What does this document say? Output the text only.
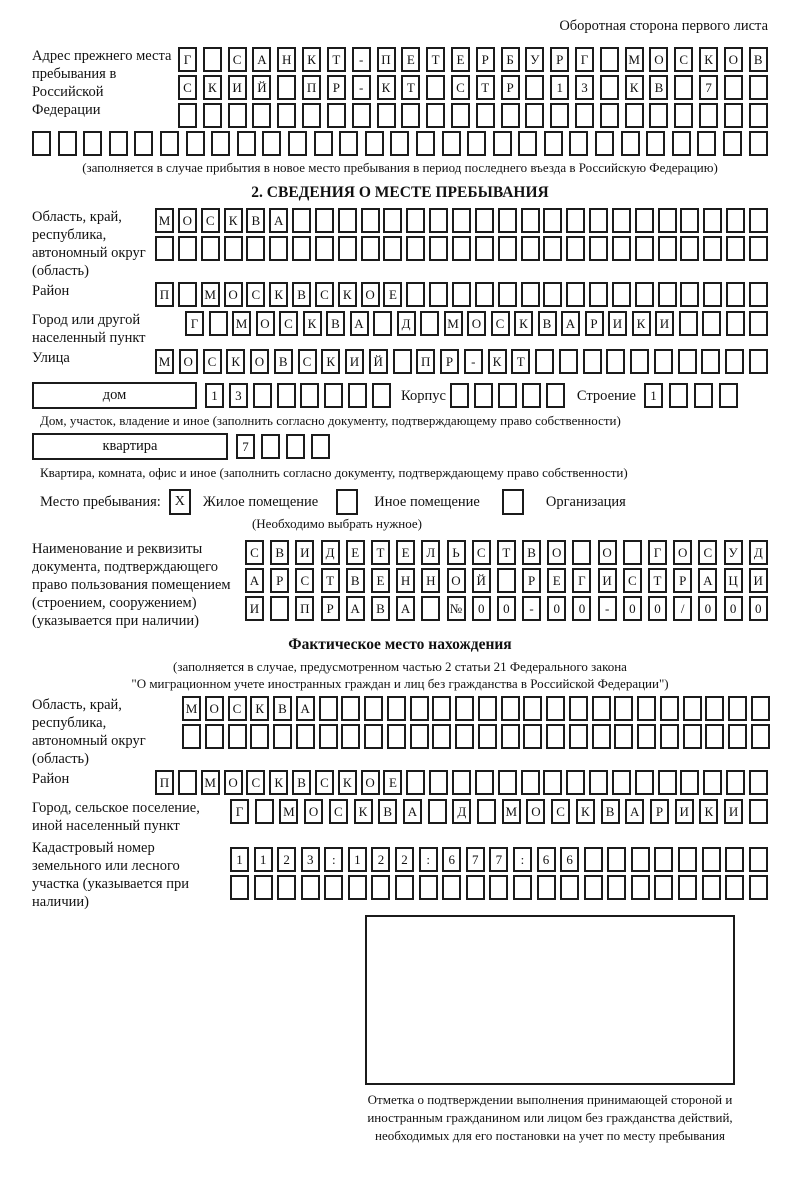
Оборотная сторона первого листа
Адрес прежнего места пребывания в Российской Федерации
Г	С	А	Н	К	Т	-	П	Е	Т	Е	Р	Б	У	Р	Г	М	О	С	К	О	В
С	К	И	Й	П	Р	-	К	Т	С	Т	Р	1	3	К	В	7
(заполняется в случае прибытия в новое место пребывания в период последнего въезда в Российскую Федерацию)
2. СВЕДЕНИЯ О МЕСТЕ ПРЕБЫВАНИЯ
Область, край, республика, автономный округ (область)
М О	С	К	В	А
Район	П	М О	С	К	В	С	К	О	Е
Город или другой населенный пункт
Г	М	О	С	К	В	А	Д	М	О	С	К	В	А	Р	И	К	И
Улица	М	О	С	К	О	В	С	К	И	Й	П	Р	-	К	Т
дом	1	3	Корпус	Строение	1
Дом, участок, владение и иное (заполнить согласно документу, подтверждающему право собственности)
квартира	7
Квартира, комната, офис и иное (заполнить согласно документу, подтверждающему право собственности)
Место пребывания: X Жилое помещение	Иное помещение	Организация
(Необходимо выбрать нужное)
Наименование и реквизиты документа, подтверждающего право пользования помещением (строением, сооружением) (указывается при наличии)
С	В	И	Д	Е	Т	Е	Л	Ь	С	Т	В	О	О	Г	О	С	У	Д
А	Р	С	Т	В	Е	Н	Н	О	Й	Р	Е	Г	И	С	Т	Р	А	Ц	И
И	П	Р	А	В	А	№	0	0	-	0	0	-	0	0	/	0	0	0
Фактическое место нахождения
(заполняется в случае, предусмотренном частью 2 статьи 21 Федерального закона
"О миграционном учете иностранных граждан и лиц без гражданства в Российской Федерации")
Область, край, республика, автономный округ (область)
М О	С	К	В	А
Район	П	М О	С	К	В	С	К	О	Е
Город, сельское поселение, иной населенный пункт
Г	М	О	С	К	В	А	Д	М	О	С	К	В	А	Р	И	К	И
Кадастровый номер земельного или лесного участка (указывается при наличии)
1	1	2	3	:	1	2	2	:	6	7	7	:	6	6
Отметка о подтверждении выполнения принимающей стороной и иностранным гражданином или лицом без гражданства действий, необходимых для его постановки на учет по месту пребывания
